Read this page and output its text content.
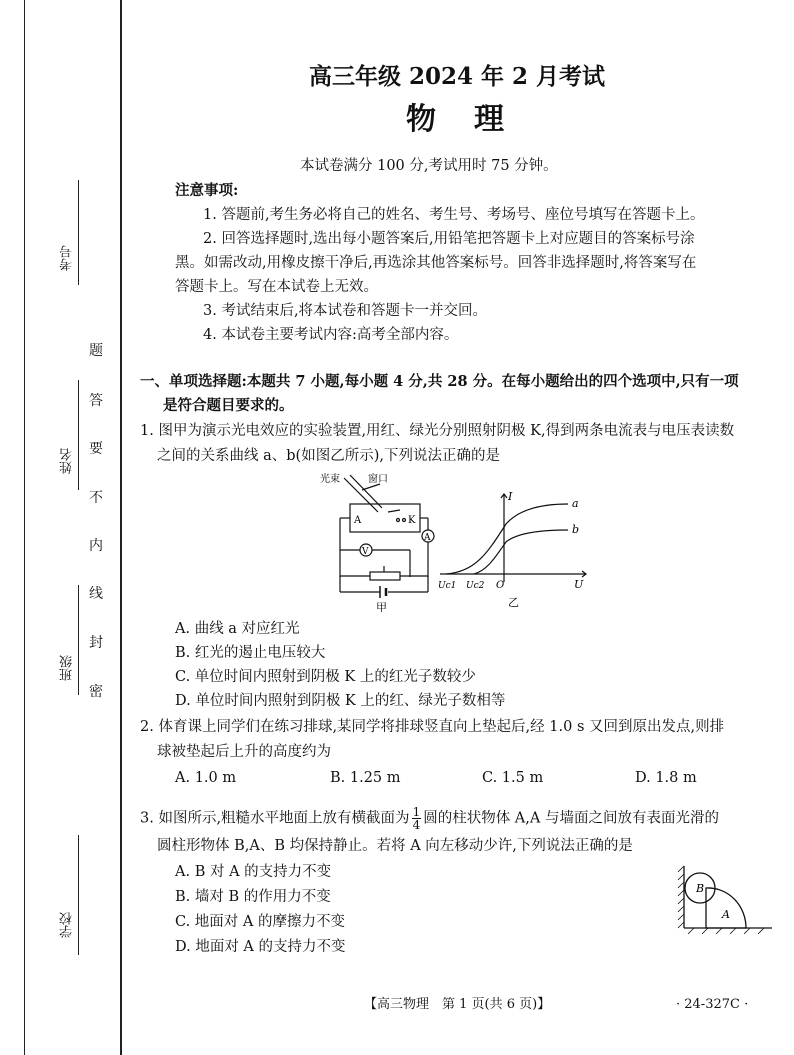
考号
姓名
班级
学校
题
答
要
不
内
线
封
密
高三年级 2024 年 2 月考试
物　理
本试卷满分 100 分,考试用时 75 分钟。
注意事项:
1. 答题前,考生务必将自己的姓名、考生号、考场号、座位号填写在答题卡上。
2. 回答选择题时,选出每小题答案后,用铅笔把答题卡上对应题目的答案标号涂
黑。如需改动,用橡皮擦干净后,再选涂其他答案标号。回答非选择题时,将答案写在
答题卡上。写在本试卷上无效。
3. 考试结束后,将本试卷和答题卡一并交回。
4. 本试卷主要考试内容:高考全部内容。
一、单项选择题:本题共 7 小题,每小题 4 分,共 28 分。在每小题给出的四个选项中,只有一项
是符合题目要求的。
1. 图甲为演示光电效应的实验装置,用红、绿光分别照射阴极 K,得到两条电流表与电压表读数
之间的关系曲线 a、b(如图乙所示),下列说法正确的是
光束	窗口
A	K
V
A
甲
I
a
b
Uc1 Uc2 O	U
乙
A. 曲线 a 对应红光
B. 红光的遏止电压较大
C. 单位时间内照射到阴极 K 上的红光子数较少
D. 单位时间内照射到阴极 K 上的红、绿光子数相等
2. 体育课上同学们在练习排球,某同学将排球竖直向上垫起后,经 1.0 s 又回到原出发点,则排
球被垫起后上升的高度约为
A. 1.0 m	B. 1.25 m	C. 1.5 m	D. 1.8 m
3. 如图所示,粗糙水平地面上放有横截面为 $\frac{1}{4}$ 圆的柱状物体 A,A 与墙面之间放有表面光滑的
圆柱形物体 B,A、B 均保持静止。若将 A 向左移动少许,下列说法正确的是
A. B 对 A 的支持力不变
B. 墙对 B 的作用力不变
C. 地面对 A 的摩擦力不变
D. 地面对 A 的支持力不变
B
A
【高三物理　第 1 页(共 6 页)】	· 24-327C ·
